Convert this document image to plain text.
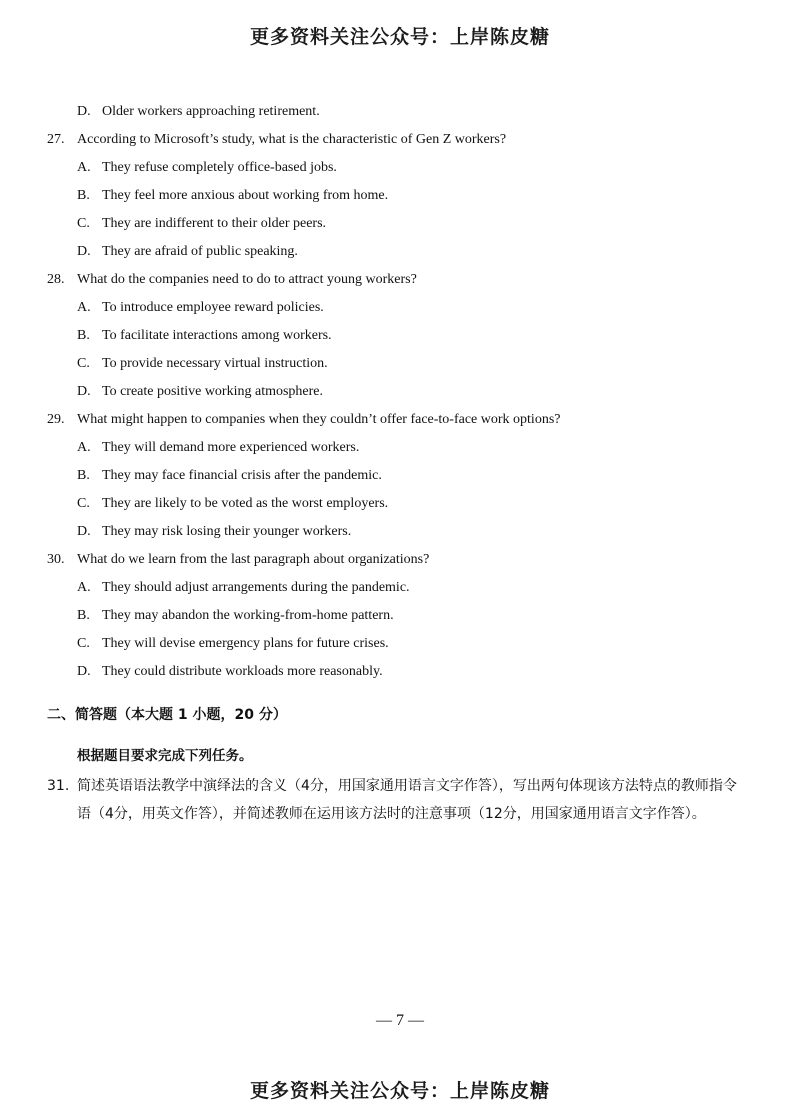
更多资料关注公众号：上岸陈皮糖
D. Older workers approaching retirement.
27. According to Microsoft’s study, what is the characteristic of Gen Z workers?
A. They refuse completely office-based jobs.
B. They feel more anxious about working from home.
C. They are indifferent to their older peers.
D. They are afraid of public speaking.
28. What do the companies need to do to attract young workers?
A. To introduce employee reward policies.
B. To facilitate interactions among workers.
C. To provide necessary virtual instruction.
D. To create positive working atmosphere.
29. What might happen to companies when they couldn’t offer face-to-face work options?
A. They will demand more experienced workers.
B. They may face financial crisis after the pandemic.
C. They are likely to be voted as the worst employers.
D. They may risk losing their younger workers.
30. What do we learn from the last paragraph about organizations?
A. They should adjust arrangements during the pandemic.
B. They may abandon the working-from-home pattern.
C. They will devise emergency plans for future crises.
D. They could distribute workloads more reasonably.
二、简答题（本大题 1 小题，20 分）
根据题目要求完成下列任务。
31. 简述英语语法教学中演绎法的含义（4分，用国家通用语言文字作答），写出两句体现该方法特点的教师指令语（4分，用英文作答），并简述教师在运用该方法时的注意事项（12分，用国家通用语言文字作答）。
— 7 —
更多资料关注公众号：上岸陈皮糖
